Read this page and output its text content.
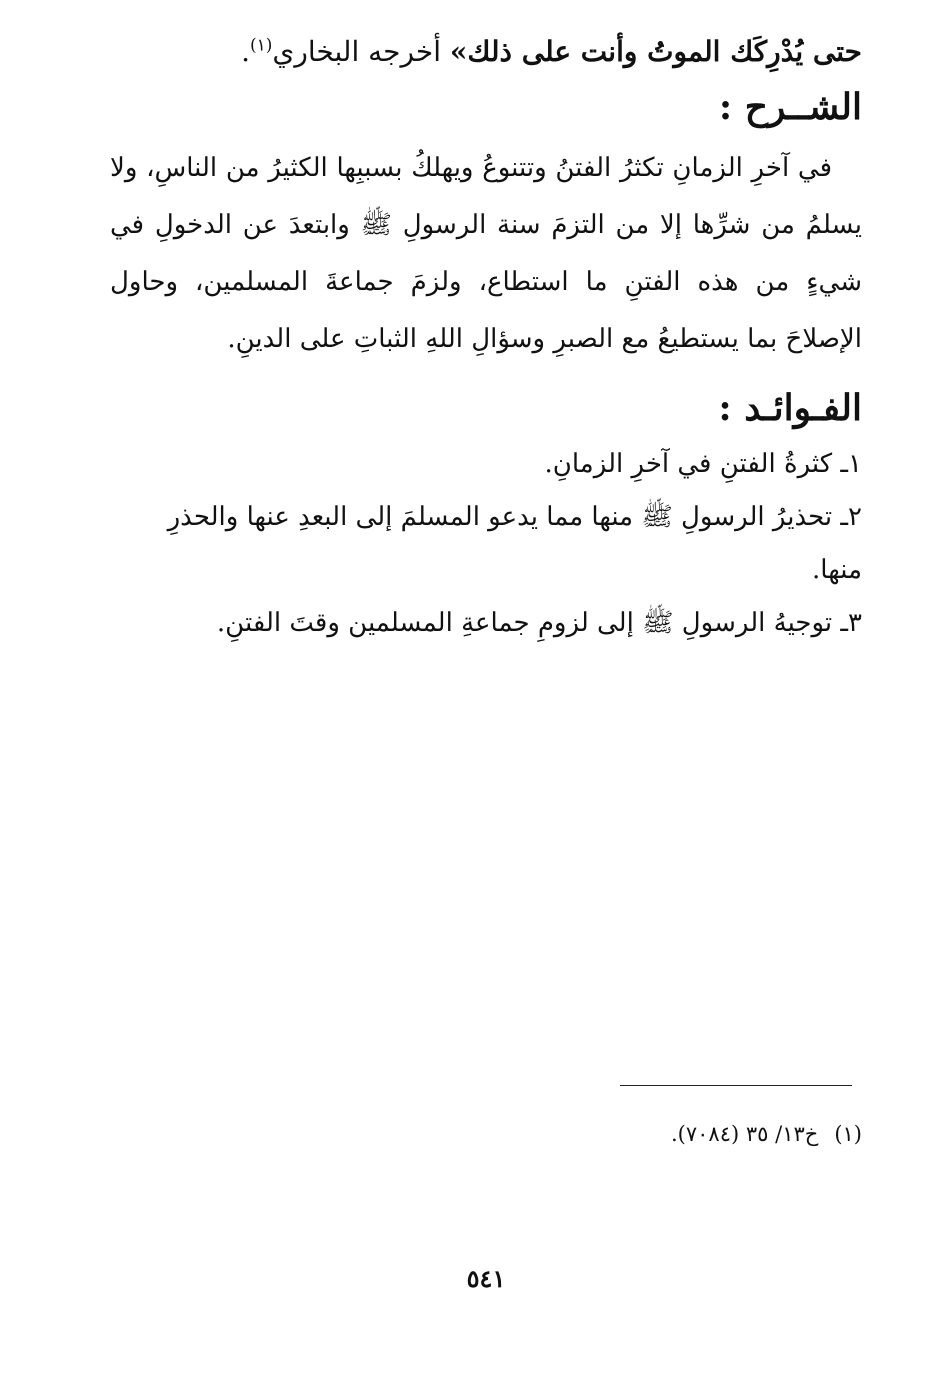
حتى يُدْرِكَك الموتُ وأنت على ذلك» أخرجه البخاري$^{(١)}$.

الشــرح :

في آخرِ الزمانِ تكثرُ الفتنُ وتتنوعُ ويهلكُ بسببِها الكثيرُ من الناسِ، ولا يسلمُ من شرِّها إلا من التزمَ سنة الرسولِ ﷺ وابتعدَ عن الدخولِ في شيءٍ من هذه الفتنِ ما استطاع، ولزمَ جماعةَ المسلمين، وحاول الإصلاحَ بما يستطيعُ مع الصبرِ وسؤالِ اللهِ الثباتِ على الدينِ.

الفـوائـد :
١ـ كثرةُ الفتنِ في آخرِ الزمانِ.
٢ـ تحذيرُ الرسولِ ﷺ منها مما يدعو المسلمَ إلى البعدِ عنها والحذرِ منها.
٣ـ توجيهُ الرسولِ ﷺ إلى لزومِ جماعةِ المسلمين وقتَ الفتنِ.

(١)خ١٣/ ٣٥ (٧٠٨٤).

٥٤١
